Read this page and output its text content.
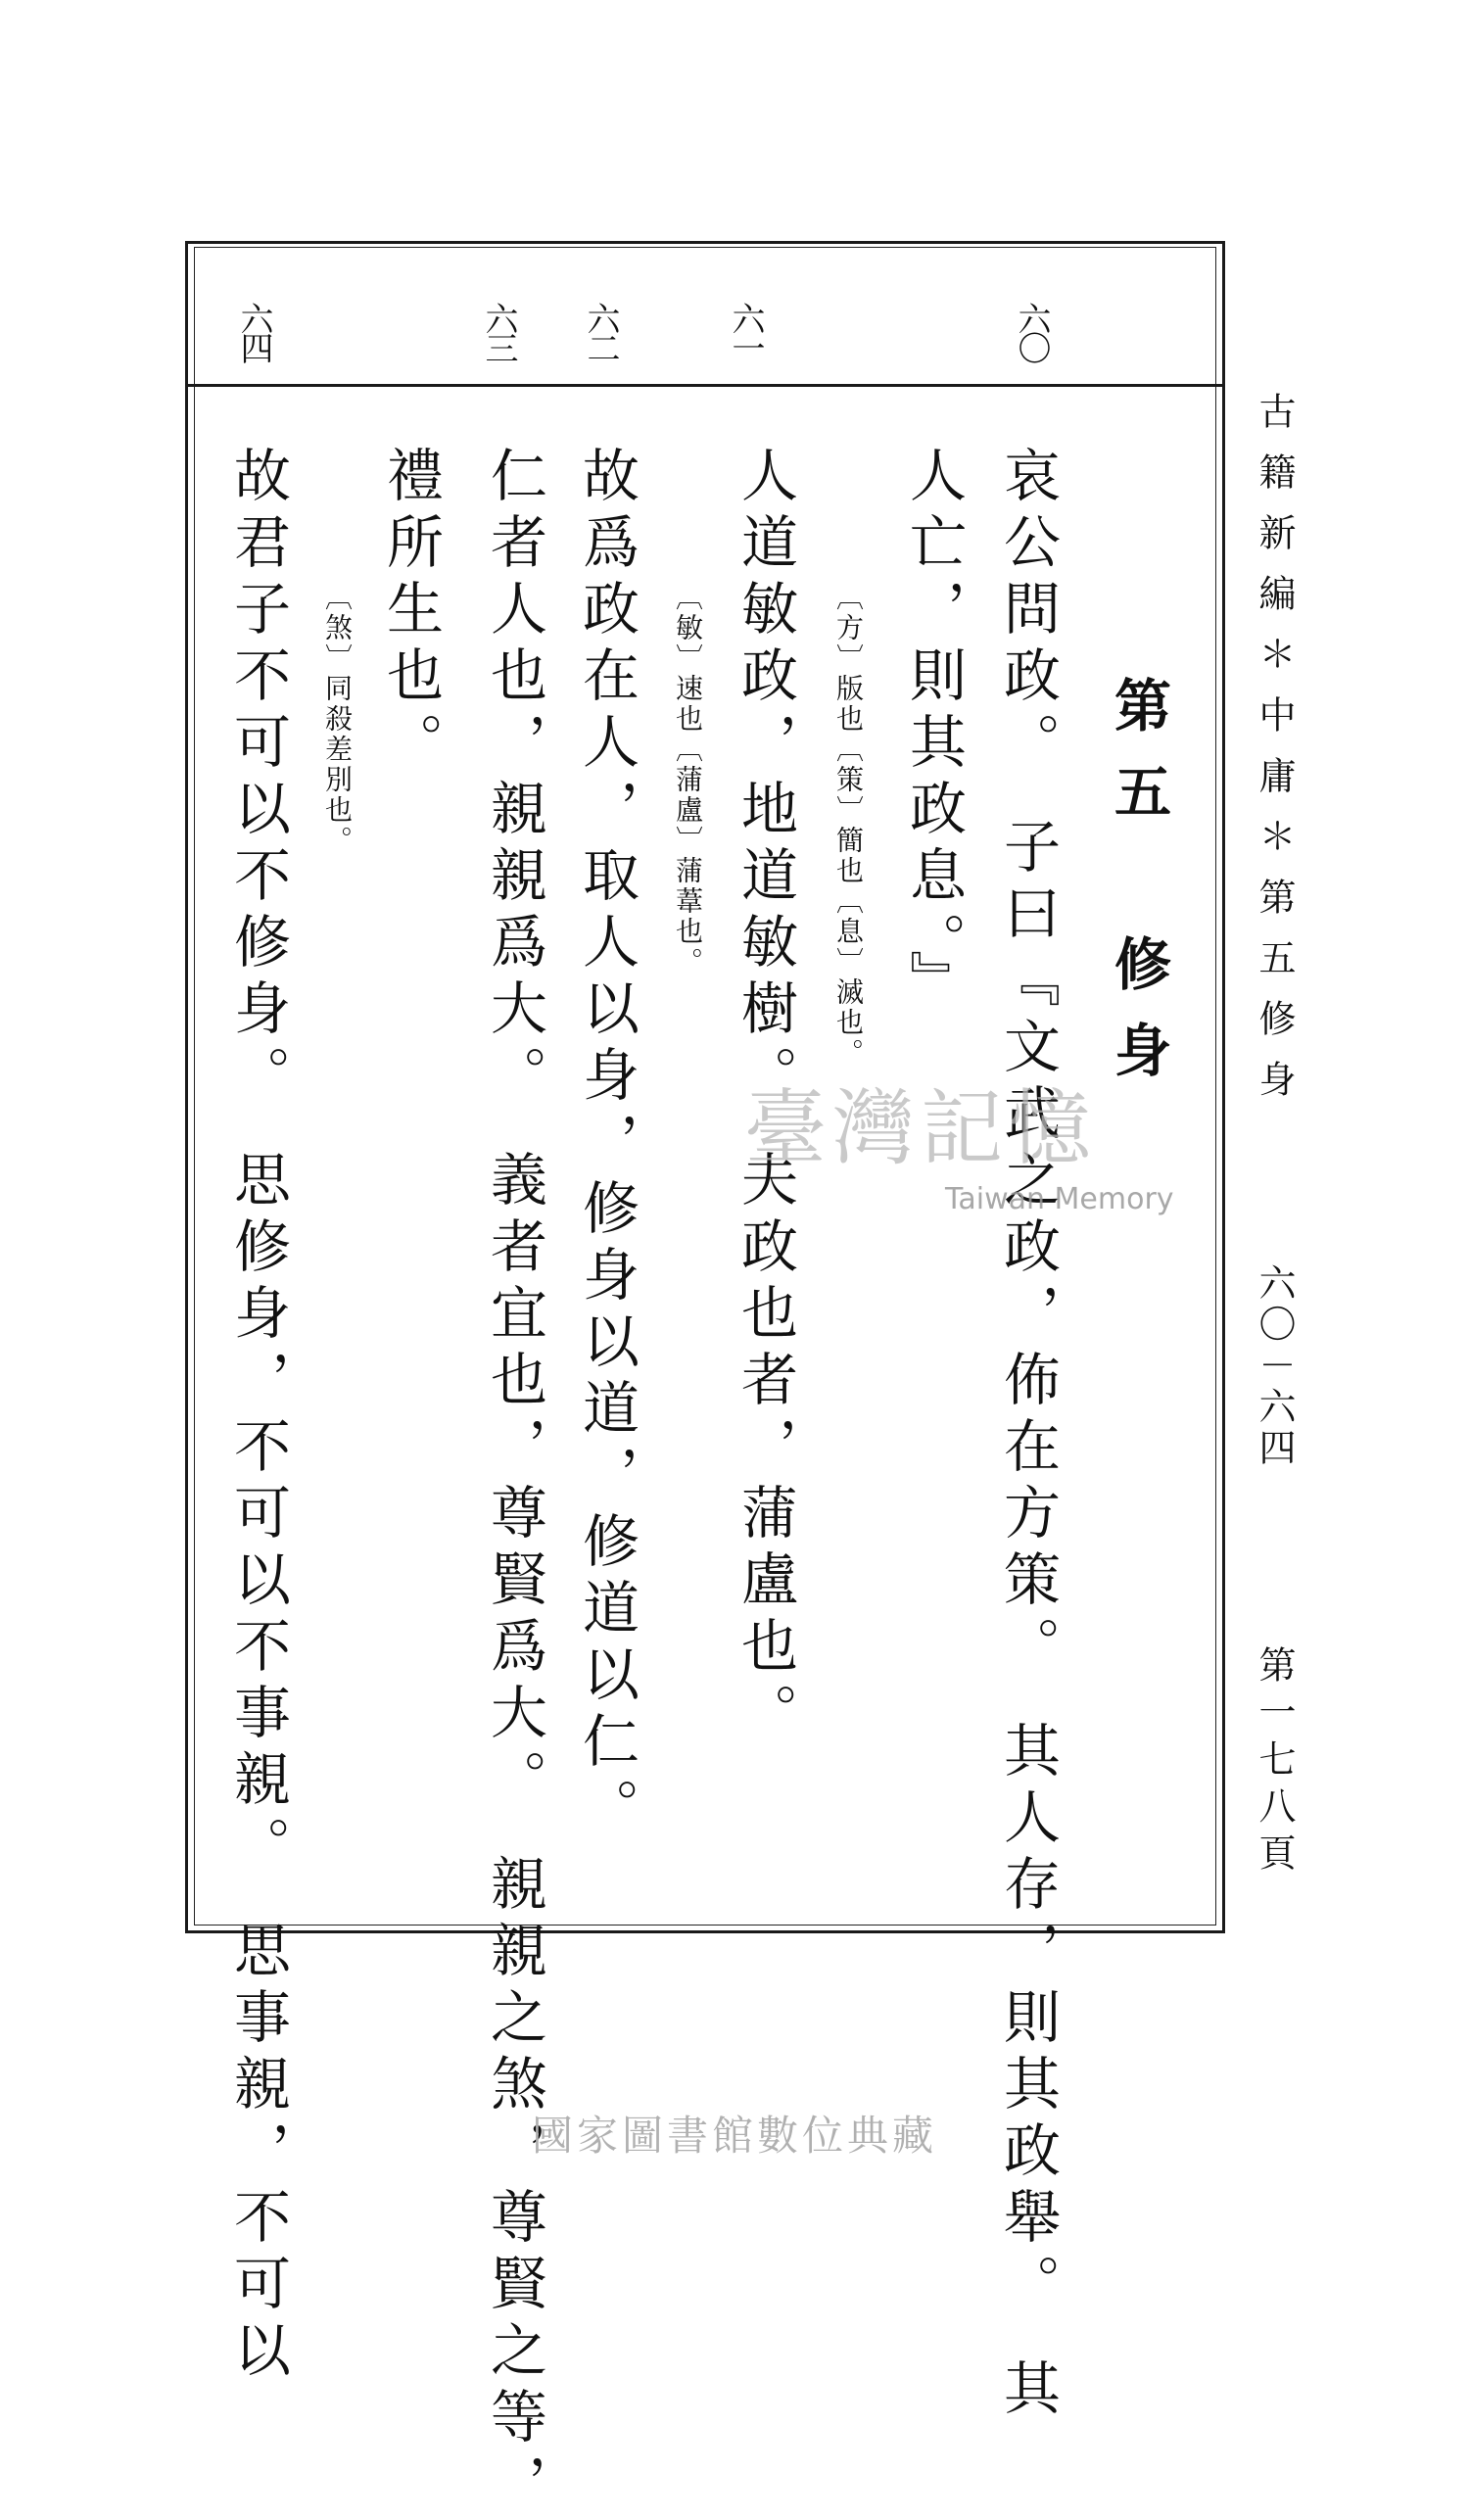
六〇
六一
六二
六三
六四
第五　修身
哀公問政。　子曰『文武之政，佈在方策。　其人存，則其政舉。　其
人亡，則其政息。』
〔方〕版也〔策〕簡也〔息〕滅也。
人道敏政，地道敏樹。　夫政也者，蒲盧也。
〔敏〕速也〔蒲盧〕蒲葦也。
故爲政在人，取人以身，修身以道，修道以仁。
仁者人也，親親爲大。　義者宜也，尊賢爲大。　親親之煞，尊賢之等，
禮所生也。
〔煞〕同殺差別也。
故君子不可以不修身。　思修身，不可以不事親。　思事親，不可以	古籍新編＊中庸＊第五修身
六〇－六四
第一七八頁
臺灣記憶
Taiwan Memory
國家圖書館數位典藏
